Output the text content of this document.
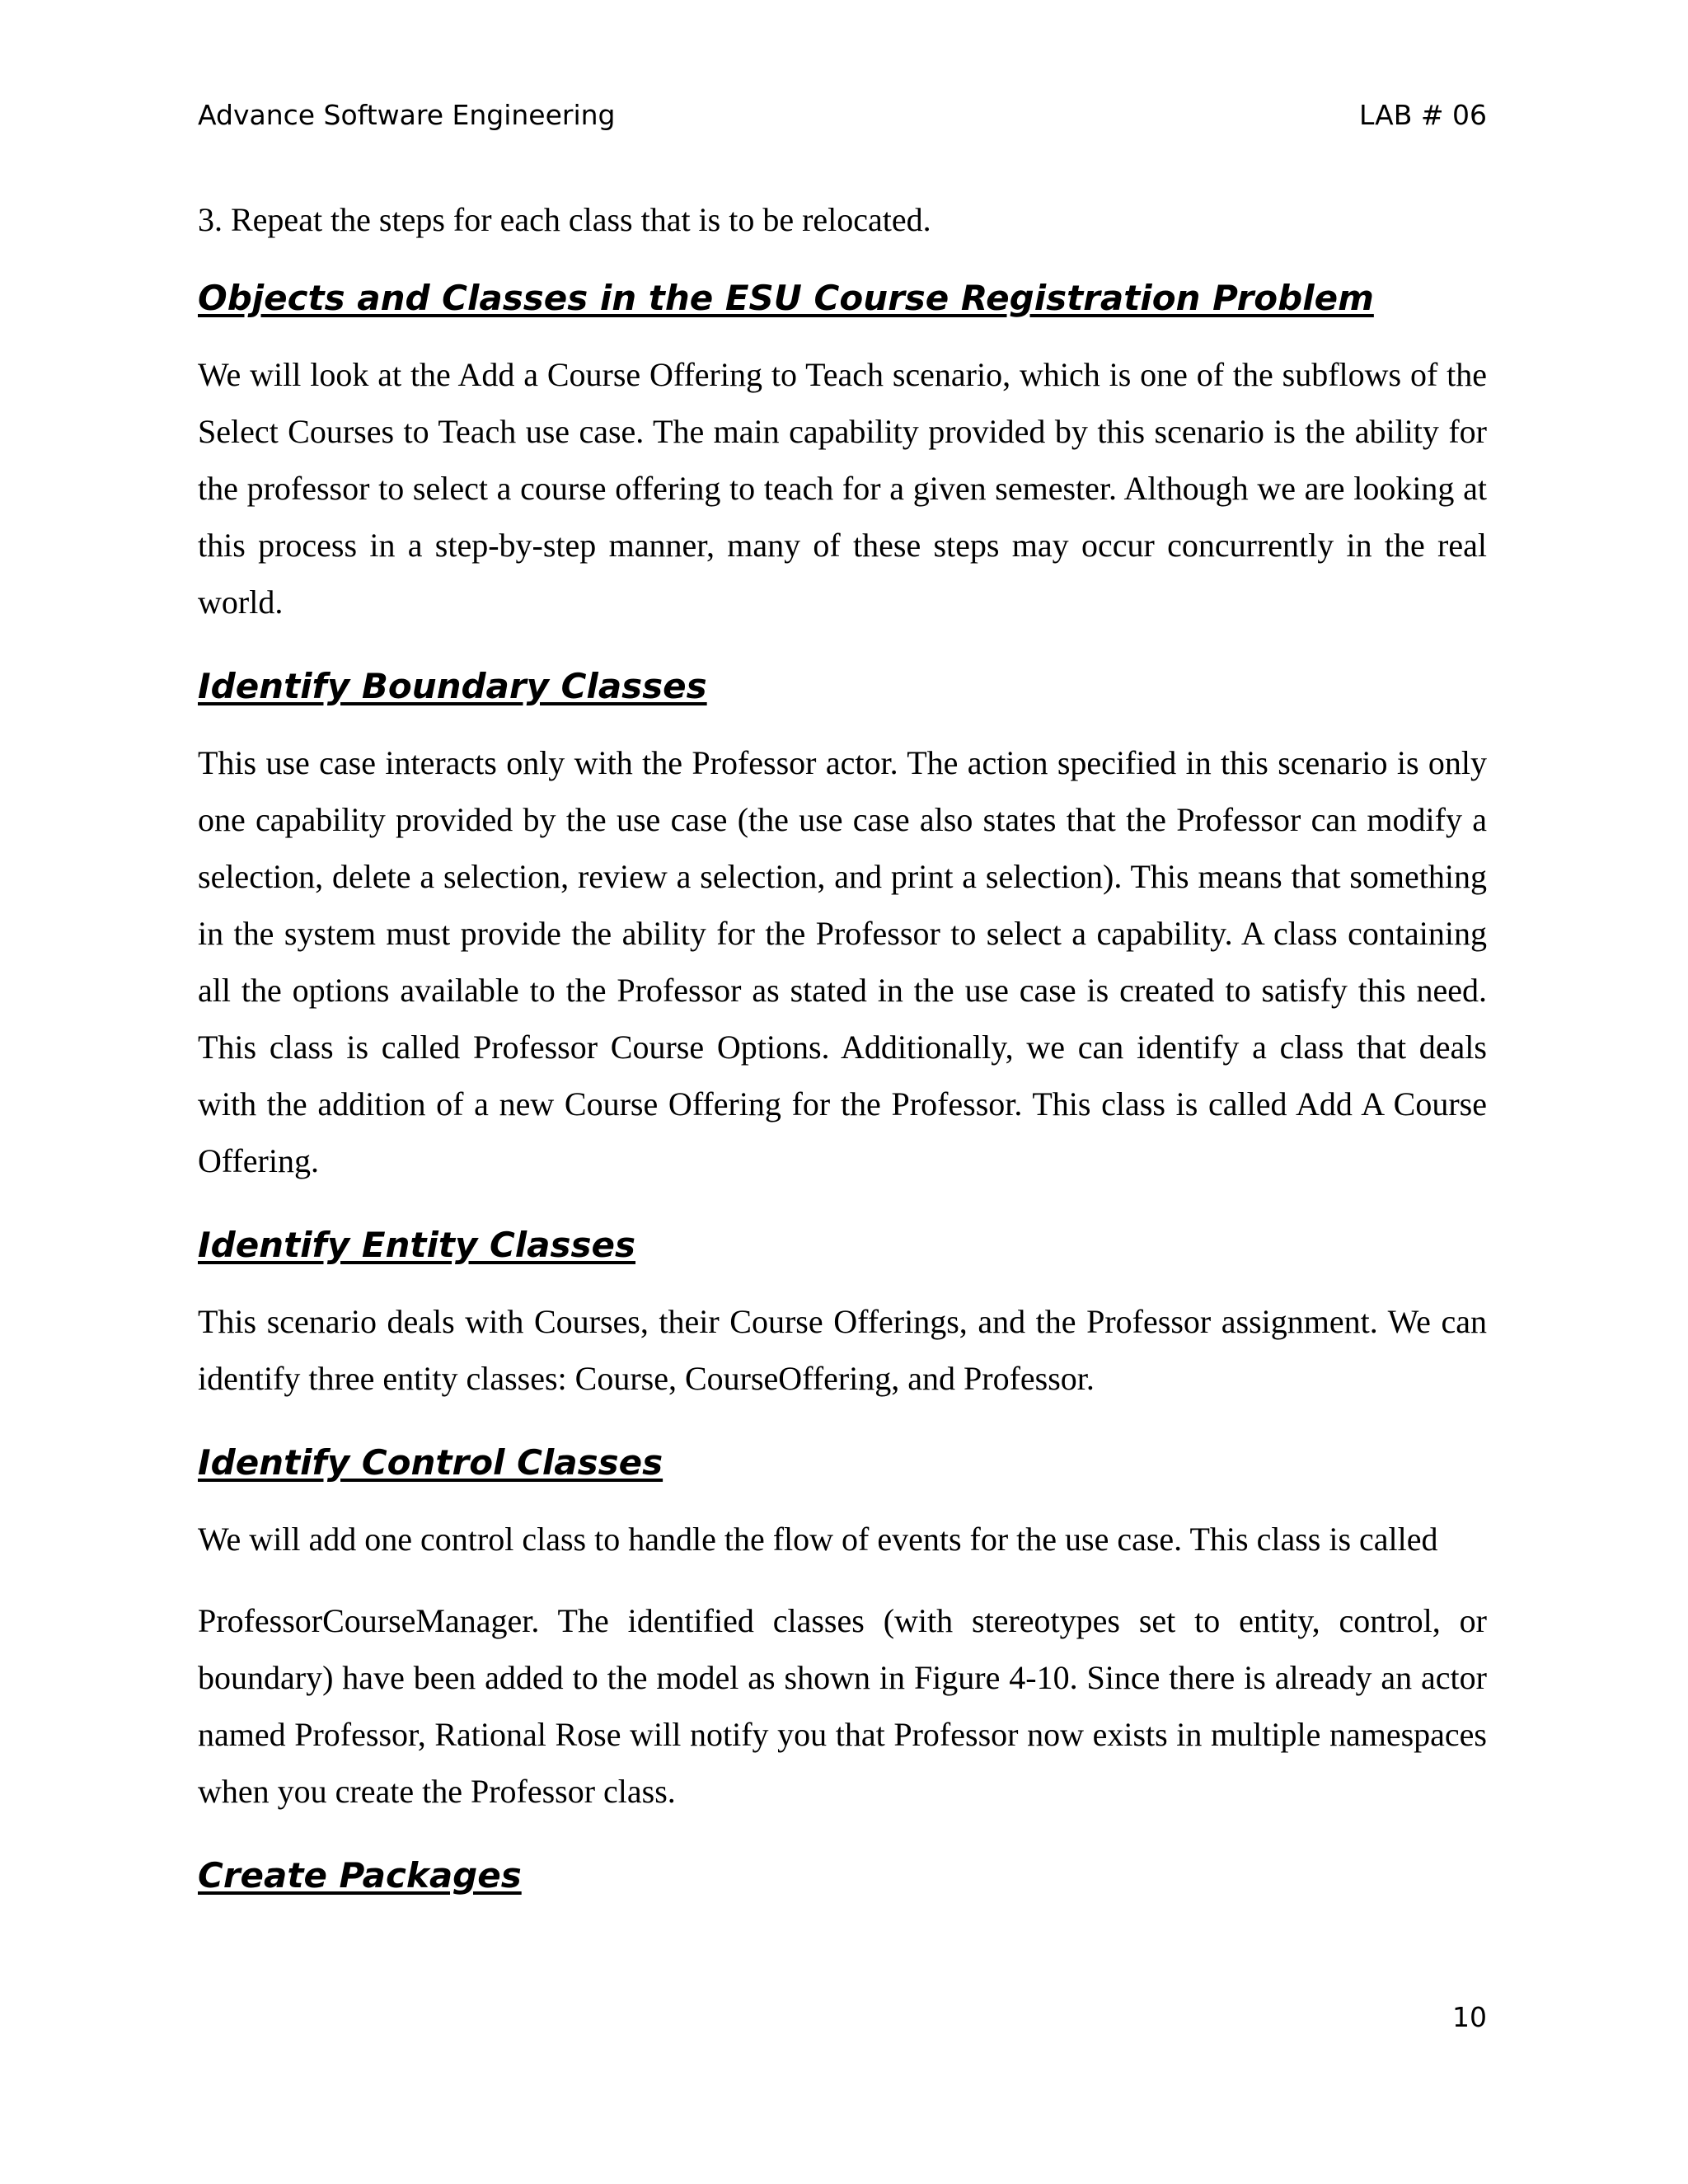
Advance Software Engineering	LAB # 06

3. Repeat the steps for each class that is to be relocated.

Objects and Classes in the ESU Course Registration Problem

We will look at the Add a Course Offering to Teach scenario, which is one of the subflows of the Select Courses to Teach use case. The main capability provided by this scenario is the ability for the professor to select a course offering to teach for a given semester. Although we are looking at this process in a step-by-step manner, many of these steps may occur concurrently in the real world.

Identify Boundary Classes

This use case interacts only with the Professor actor. The action specified in this scenario is only one capability provided by the use case (the use case also states that the Professor can modify a selection, delete a selection, review a selection, and print a selection). This means that something in the system must provide the ability for the Professor to select a capability. A class containing all the options available to the Professor as stated in the use case is created to satisfy this need. This class is called Professor Course Options. Additionally, we can identify a class that deals with the addition of a new Course Offering for the Professor. This class is called Add A Course Offering.

Identify Entity Classes

This scenario deals with Courses, their Course Offerings, and the Professor assignment. We can identify three entity classes: Course, CourseOffering, and Professor.

Identify Control Classes

We will add one control class to handle the flow of events for the use case. This class is called

ProfessorCourseManager. The identified classes (with stereotypes set to entity, control, or boundary) have been added to the model as shown in Figure 4-10. Since there is already an actor named Professor, Rational Rose will notify you that Professor now exists in multiple namespaces when you create the Professor class.

Create Packages
10
